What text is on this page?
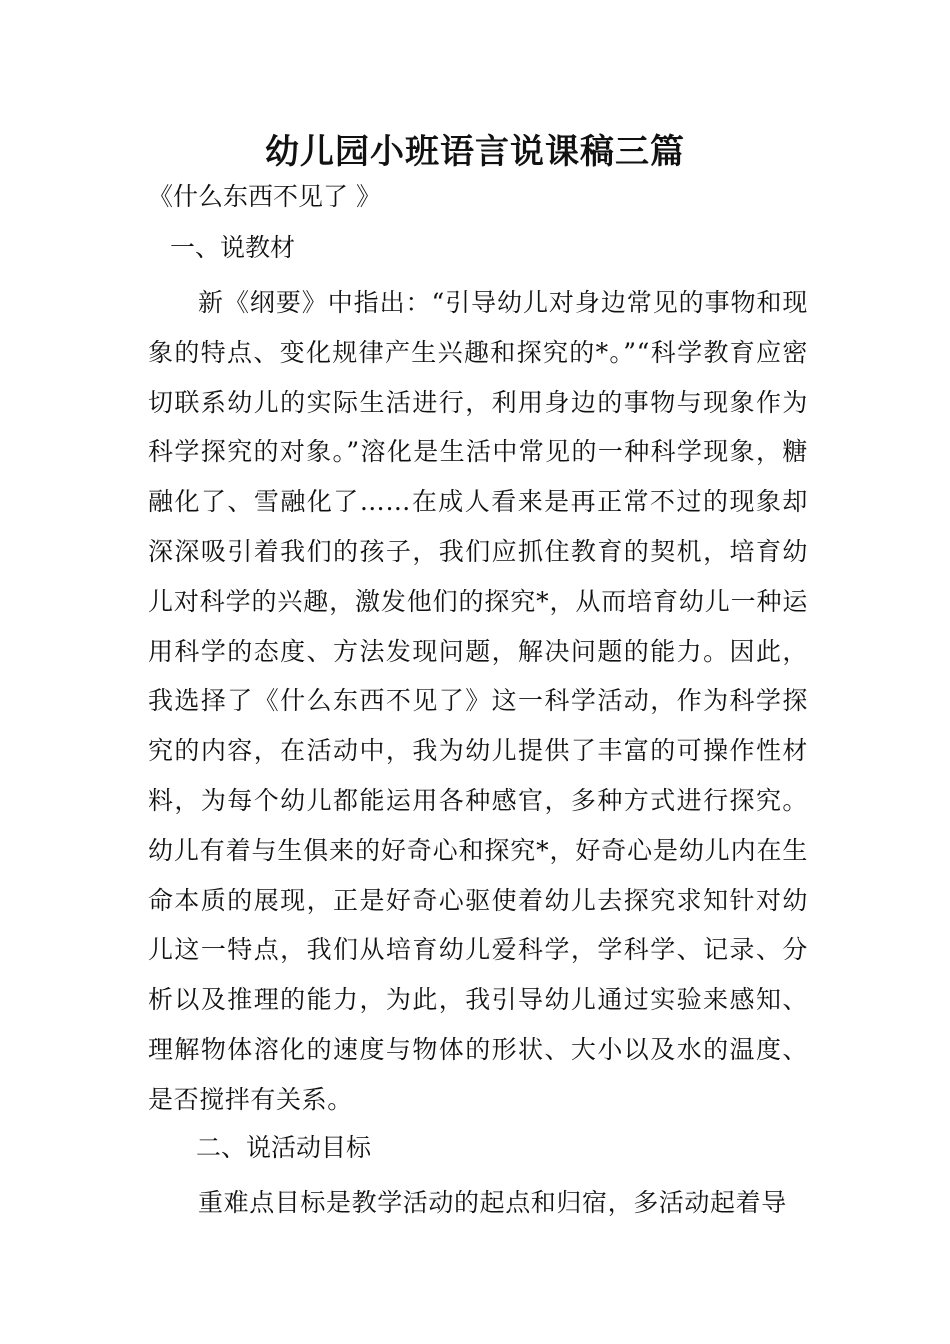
幼儿园小班语言说课稿三篇

《什么东西不见了 》

一、说教材

新《纲要》中指出：“引导幼儿对身边常见的事物和现象的特点、变化规律产生兴趣和探究的*。”“科学教育应密切联系幼儿的实际生活进行，利用身边的事物与现象作为科学探究的对象。”溶化是生活中常见的一种科学现象，糖融化了、雪融化了……在成人看来是再正常不过的现象却深深吸引着我们的孩子，我们应抓住教育的契机，培育幼儿对科学的兴趣，激发他们的探究*，从而培育幼儿一种运用科学的态度、方法发现问题，解决问题的能力。因此，我选择了《什么东西不见了》这一科学活动，作为科学探究的内容，在活动中，我为幼儿提供了丰富的可操作性材料，为每个幼儿都能运用各种感官，多种方式进行探究。幼儿有着与生俱来的好奇心和探究*，好奇心是幼儿内在生命本质的展现，正是好奇心驱使着幼儿去探究求知针对幼儿这一特点，我们从培育幼儿爱科学，学科学、记录、分析以及推理的能力，为此，我引导幼儿通过实验来感知、理解物体溶化的速度与物体的形状、大小以及水的温度、是否搅拌有关系。

二、说活动目标

重难点目标是教学活动的起点和归宿，多活动起着导
